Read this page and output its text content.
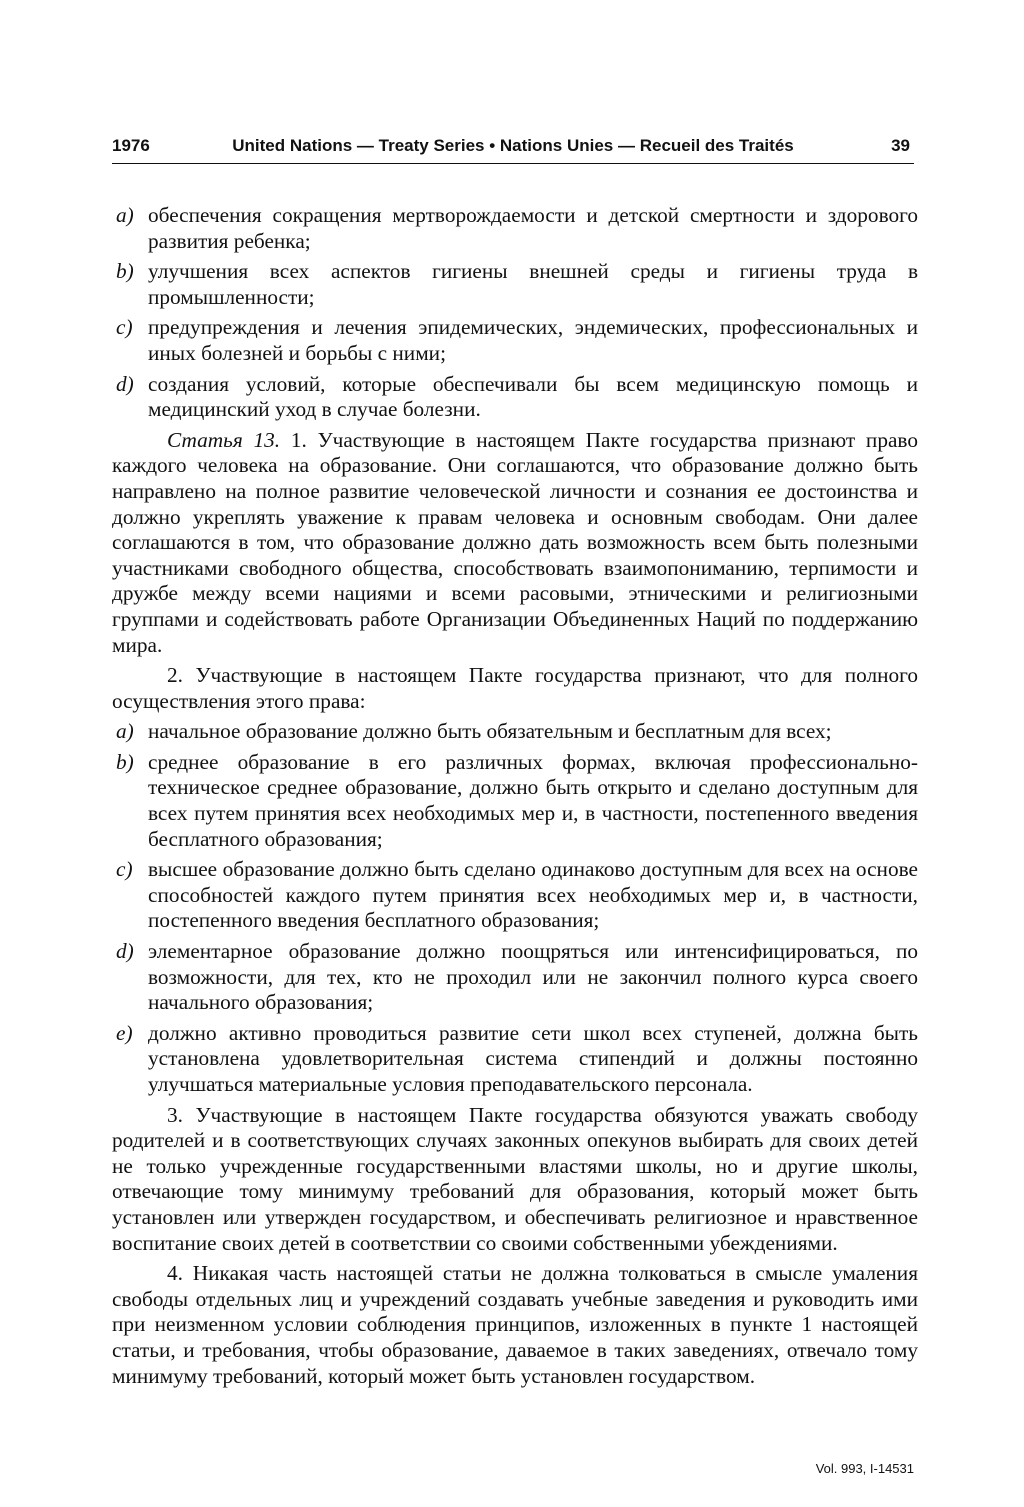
1976	United Nations — Treaty Series • Nations Unies — Recueil des Traités	39
a) обеспечения сокращения мертворождаемости и детской смертности и здорового развития ребенка;
b) улучшения всех аспектов гигиены внешней среды и гигиены труда в промышленности;
c) предупреждения и лечения эпидемических, эндемических, профессиональных и иных болезней и борьбы с ними;
d) создания условий, которые обеспечивали бы всем медицинскую помощь и медицинский уход в случае болезни.
Статья 13. 1. Участвующие в настоящем Пакте государства признают право каждого человека на образование. Они соглашаются, что образование должно быть направлено на полное развитие человеческой личности и сознания ее достоинства и должно укреплять уважение к правам человека и основным свободам. Они далее соглашаются в том, что образование должно дать возможность всем быть полезными участниками свободного общества, способствовать взаимопониманию, терпимости и дружбе между всеми нациями и всеми расовыми, этническими и религиозными группами и содействовать работе Организации Объединенных Наций по поддержанию мира.
2. Участвующие в настоящем Пакте государства признают, что для полного осуществления этого права:
a) начальное образование должно быть обязательным и бесплатным для всех;
b) среднее образование в его различных формах, включая профессионально-техническое среднее образование, должно быть открыто и сделано доступным для всех путем принятия всех необходимых мер и, в частности, постепенного введения бесплатного образования;
c) высшее образование должно быть сделано одинаково доступным для всех на основе способностей каждого путем принятия всех необходимых мер и, в частности, постепенного введения бесплатного образования;
d) элементарное образование должно поощряться или интенсифицироваться, по возможности, для тех, кто не проходил или не закончил полного курса своего начального образования;
e) должно активно проводиться развитие сети школ всех ступеней, должна быть установлена удовлетворительная система стипендий и должны постоянно улучшаться материальные условия преподавательского персонала.
3. Участвующие в настоящем Пакте государства обязуются уважать свободу родителей и в соответствующих случаях законных опекунов выбирать для своих детей не только учрежденные государственными властями школы, но и другие школы, отвечающие тому минимуму требований для образования, который может быть установлен или утвержден государством, и обеспечивать религиозное и нравственное воспитание своих детей в соответствии со своими собственными убеждениями.
4. Никакая часть настоящей статьи не должна толковаться в смысле умаления свободы отдельных лиц и учреждений создавать учебные заведения и руководить ими при неизменном условии соблюдения принципов, изложенных в пункте 1 настоящей статьи, и требования, чтобы образование, даваемое в таких заведениях, отвечало тому минимуму требований, который может быть установлен государством.
Vol. 993, I-14531
